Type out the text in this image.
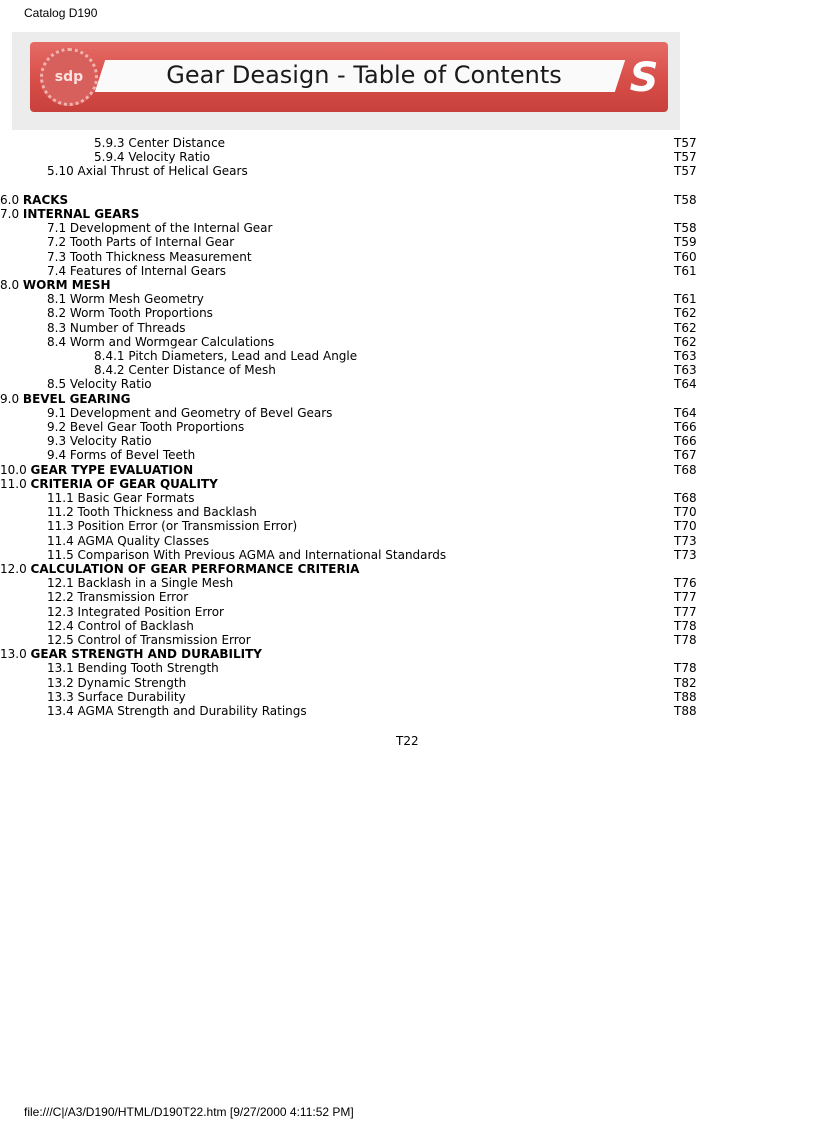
Catalog D190
sdp	Gear Deasign - Table of Contents	S
5.9.3 Center Distance	T57
5.9.4 Velocity Ratio	T57
5.10 Axial Thrust of Helical Gears	T57
6.0 RACKS	T58
7.0 INTERNAL GEARS
7.1 Development of the Internal Gear	T58
7.2 Tooth Parts of Internal Gear	T59
7.3 Tooth Thickness Measurement	T60
7.4 Features of Internal Gears	T61
8.0 WORM MESH
8.1 Worm Mesh Geometry	T61
8.2 Worm Tooth Proportions	T62
8.3 Number of Threads	T62
8.4 Worm and Wormgear Calculations	T62
8.4.1 Pitch Diameters, Lead and Lead Angle	T63
8.4.2 Center Distance of Mesh	T63
8.5 Velocity Ratio	T64
9.0 BEVEL GEARING
9.1 Development and Geometry of Bevel Gears	T64
9.2 Bevel Gear Tooth Proportions	T66
9.3 Velocity Ratio	T66
9.4 Forms of Bevel Teeth	T67
10.0 GEAR TYPE EVALUATION	T68
11.0 CRITERIA OF GEAR QUALITY
11.1 Basic Gear Formats	T68
11.2 Tooth Thickness and Backlash	T70
11.3 Position Error (or Transmission Error)	T70
11.4 AGMA Quality Classes	T73
11.5 Comparison With Previous AGMA and International Standards	T73
12.0 CALCULATION OF GEAR PERFORMANCE CRITERIA
12.1 Backlash in a Single Mesh	T76
12.2 Transmission Error	T77
12.3 Integrated Position Error	T77
12.4 Control of Backlash	T78
12.5 Control of Transmission Error	T78
13.0 GEAR STRENGTH AND DURABILITY
13.1 Bending Tooth Strength	T78
13.2 Dynamic Strength	T82
13.3 Surface Durability	T88
13.4 AGMA Strength and Durability Ratings	T88
T22
file:///C|/A3/D190/HTML/D190T22.htm [9/27/2000 4:11:52 PM]
